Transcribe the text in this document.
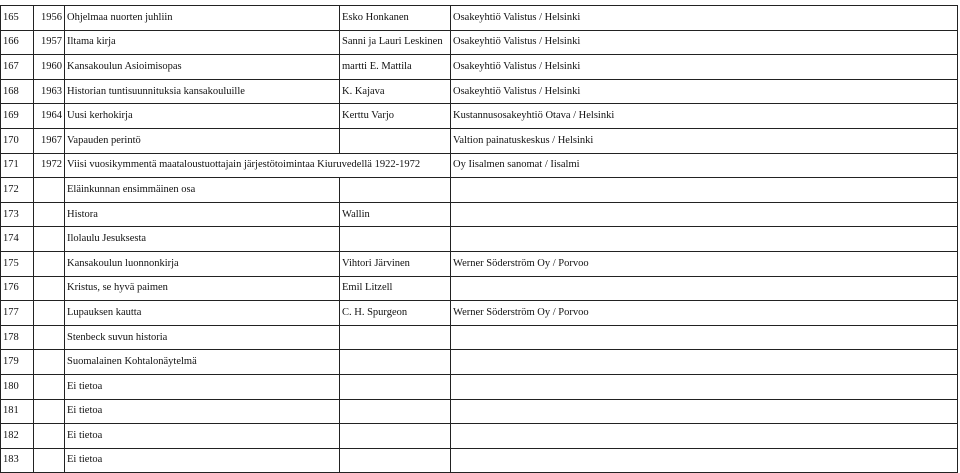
165	1956	Ohjelmaa nuorten juhliin	Esko Honkanen	Osakeyhtiö Valistus / Helsinki
166	1957	Iltama kirja	Sanni ja Lauri Leskinen	Osakeyhtiö Valistus / Helsinki
167	1960	Kansakoulun Asioimisopas	martti E. Mattila	Osakeyhtiö Valistus / Helsinki
168	1963	Historian tuntisuunnituksia kansakouluille	K. Kajava	Osakeyhtiö Valistus / Helsinki
169	1964	Uusi kerhokirja	Kerttu Varjo	Kustannusosakeyhtiö Otava / Helsinki
170	1967	Vapauden perintö		Valtion painatuskeskus / Helsinki
171	1972	Viisi vuosikymmentä maataloustuottajain järjestötoimintaa Kiuruvedellä 1922-1972		Oy Iisalmen sanomat / Iisalmi
172		Eläinkunnan ensimmäinen osa		
173		Histora	Wallin	
174		Ilolaulu Jesuksesta		
175		Kansakoulun luonnonkirja	Vihtori Järvinen	Werner Söderström Oy / Porvoo
176		Kristus, se hyvä paimen	Emil Litzell	
177		Lupauksen kautta	C. H. Spurgeon	Werner Söderström Oy / Porvoo
178		Stenbeck suvun historia		
179		Suomalainen Kohtalonäytelmä		
180		Ei tietoa		
181		Ei tietoa		
182		Ei tietoa		
183		Ei tietoa		
